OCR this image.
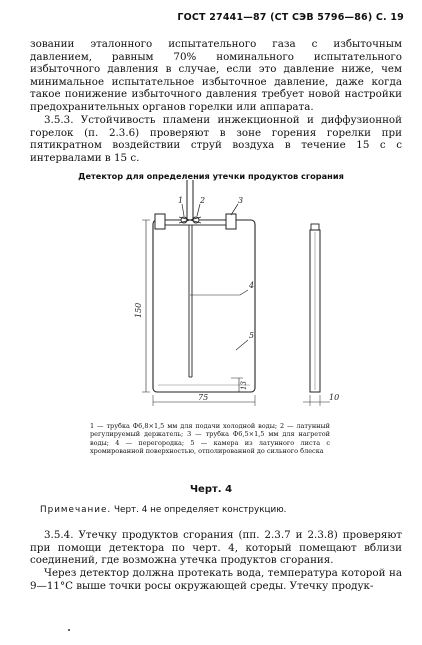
ГОСТ 27441—87 (СТ СЭВ 5796—86) С. 19
зовании эталонного испытательного газа с избыточным давлением, равным 70% номинального испытательного избыточного давления в случае, если это давление ниже, чем минимальное испытательное избыточное давление, даже когда такое понижение избыточного давления требует новой настройки предохранительных органов горелки или аппарата.
3.5.3. Устойчивость пламени инжекционной и диффузионной горелок (п. 2.3.6) проверяют в зоне горения горелки при пятикратном воздействии струй воздуха в течение 15 с с интервалами в 15 с.
Детектор для определения утечки продуктов сгорания
1 2	3
4
5
150
75
13
10
1 — трубка Ф6,8×1,5 мм для подачи холодной воды; 2 — латунный регулируемый держатель; 3 — трубка Ф6,5×1,5 мм для нагретой воды; 4 — перегородка; 5 — камера из латунного листа с хромированной поверхностью, отполированной до сильного блеска
Черт. 4
Примечание. Черт. 4 не определяет конструкцию.
3.5.4. Утечку продуктов сгорания (пп. 2.3.7 и 2.3.8) проверяют при помощи детектора по черт. 4, который помещают вблизи соединений, где возможна утечка продуктов сгорания.
Через детектор должна протекать вода, температура которой на 9—11°С выше точки росы окружающей среды. Утечку продук-
